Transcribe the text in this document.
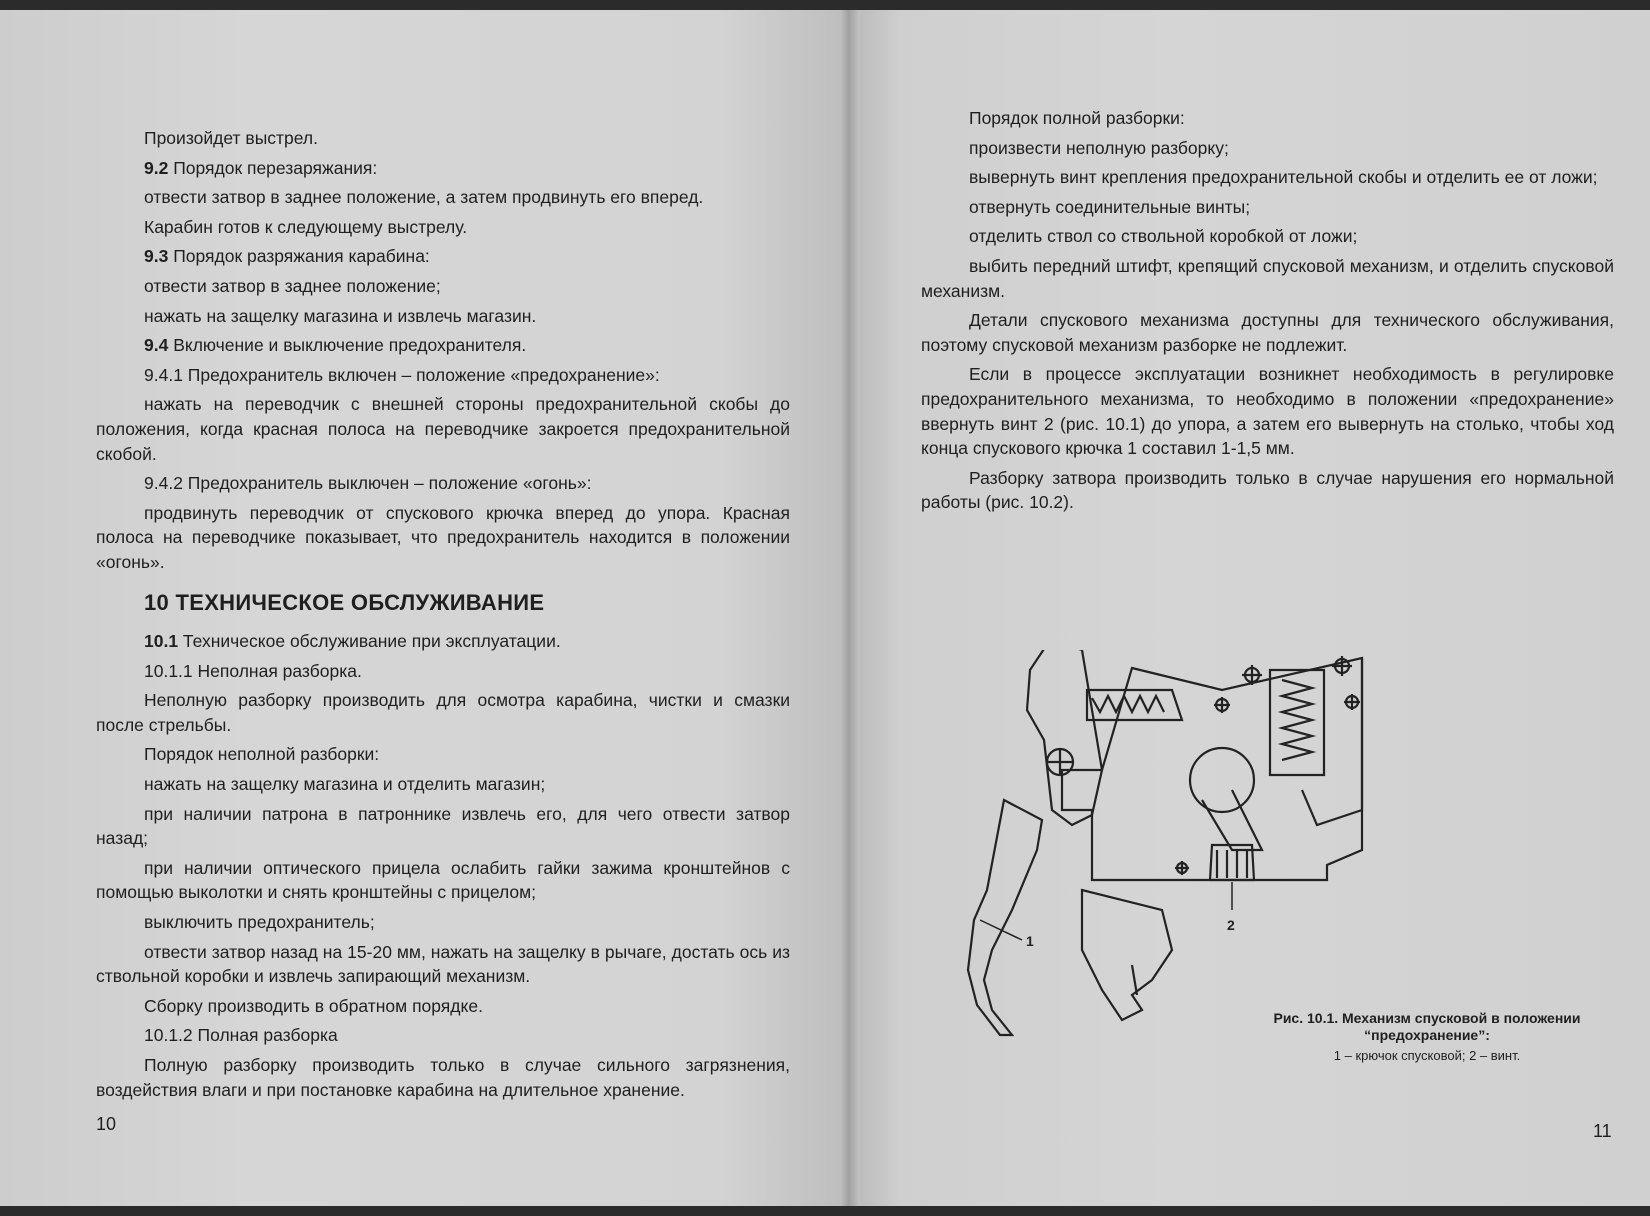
Произойдет выстрел.

9.2 Порядок перезаряжания:

отвести затвор в заднее положение, а затем продвинуть его вперед.

Карабин готов к следующему выстрелу.

9.3 Порядок разряжания карабина:

отвести затвор в заднее положение;

нажать на защелку магазина и извлечь магазин.

9.4 Включение и выключение предохранителя.

9.4.1 Предохранитель включен – положение «предохранение»:

нажать на переводчик с внешней стороны предохранительной скобы до положения, когда красная полоса на переводчике закроется предохранительной скобой.

9.4.2 Предохранитель выключен – положение «огонь»:

продвинуть переводчик от спускового крючка вперед до упора. Красная полоса на переводчике показывает, что предохранитель находится в положении «огонь».

10 ТЕХНИЧЕСКОЕ ОБСЛУЖИВАНИЕ

10.1 Техническое обслуживание при эксплуатации.

10.1.1 Неполная разборка.

Неполную разборку производить для осмотра карабина, чистки и смазки после стрельбы.

Порядок неполной разборки:

нажать на защелку магазина и отделить магазин;

при наличии патрона в патроннике извлечь его, для чего отвести затвор назад;

при наличии оптического прицела ослабить гайки зажима кронштейнов с помощью выколотки и снять кронштейны с прицелом;

выключить предохранитель;

отвести затвор назад на 15-20 мм, нажать на защелку в рычаге, достать ось из ствольной коробки и извлечь запирающий механизм.

Сборку производить в обратном порядке.

10.1.2 Полная разборка

Полную разборку производить только в случае сильного загрязнения, воздействия влаги и при постановке карабина на длительное хранение.

10

Порядок полной разборки:

произвести неполную разборку;

вывернуть винт крепления предохранительной скобы и отделить ее от ложи;

отвернуть соединительные винты;

отделить ствол со ствольной коробкой от ложи;

выбить передний штифт, крепящий спусковой механизм, и отделить спусковой механизм.

Детали спускового механизма доступны для технического обслуживания, поэтому спусковой механизм разборке не подлежит.

Если в процессе эксплуатации возникнет необходимость в регулировке предохранительного механизма, то необходимо в положении «предохранение» ввернуть винт 2 (рис. 10.1) до упора, а затем его вывернуть на столько, чтобы ход конца спускового крючка 1 составил 1-1,5 мм.

Разборку затвора производить только в случае нарушения его нормальной работы (рис. 10.2).

1
2
Рис. 10.1. Механизм спусковой в положении “предохранение”:
1 – крючок спусковой; 2 – винт.
11
